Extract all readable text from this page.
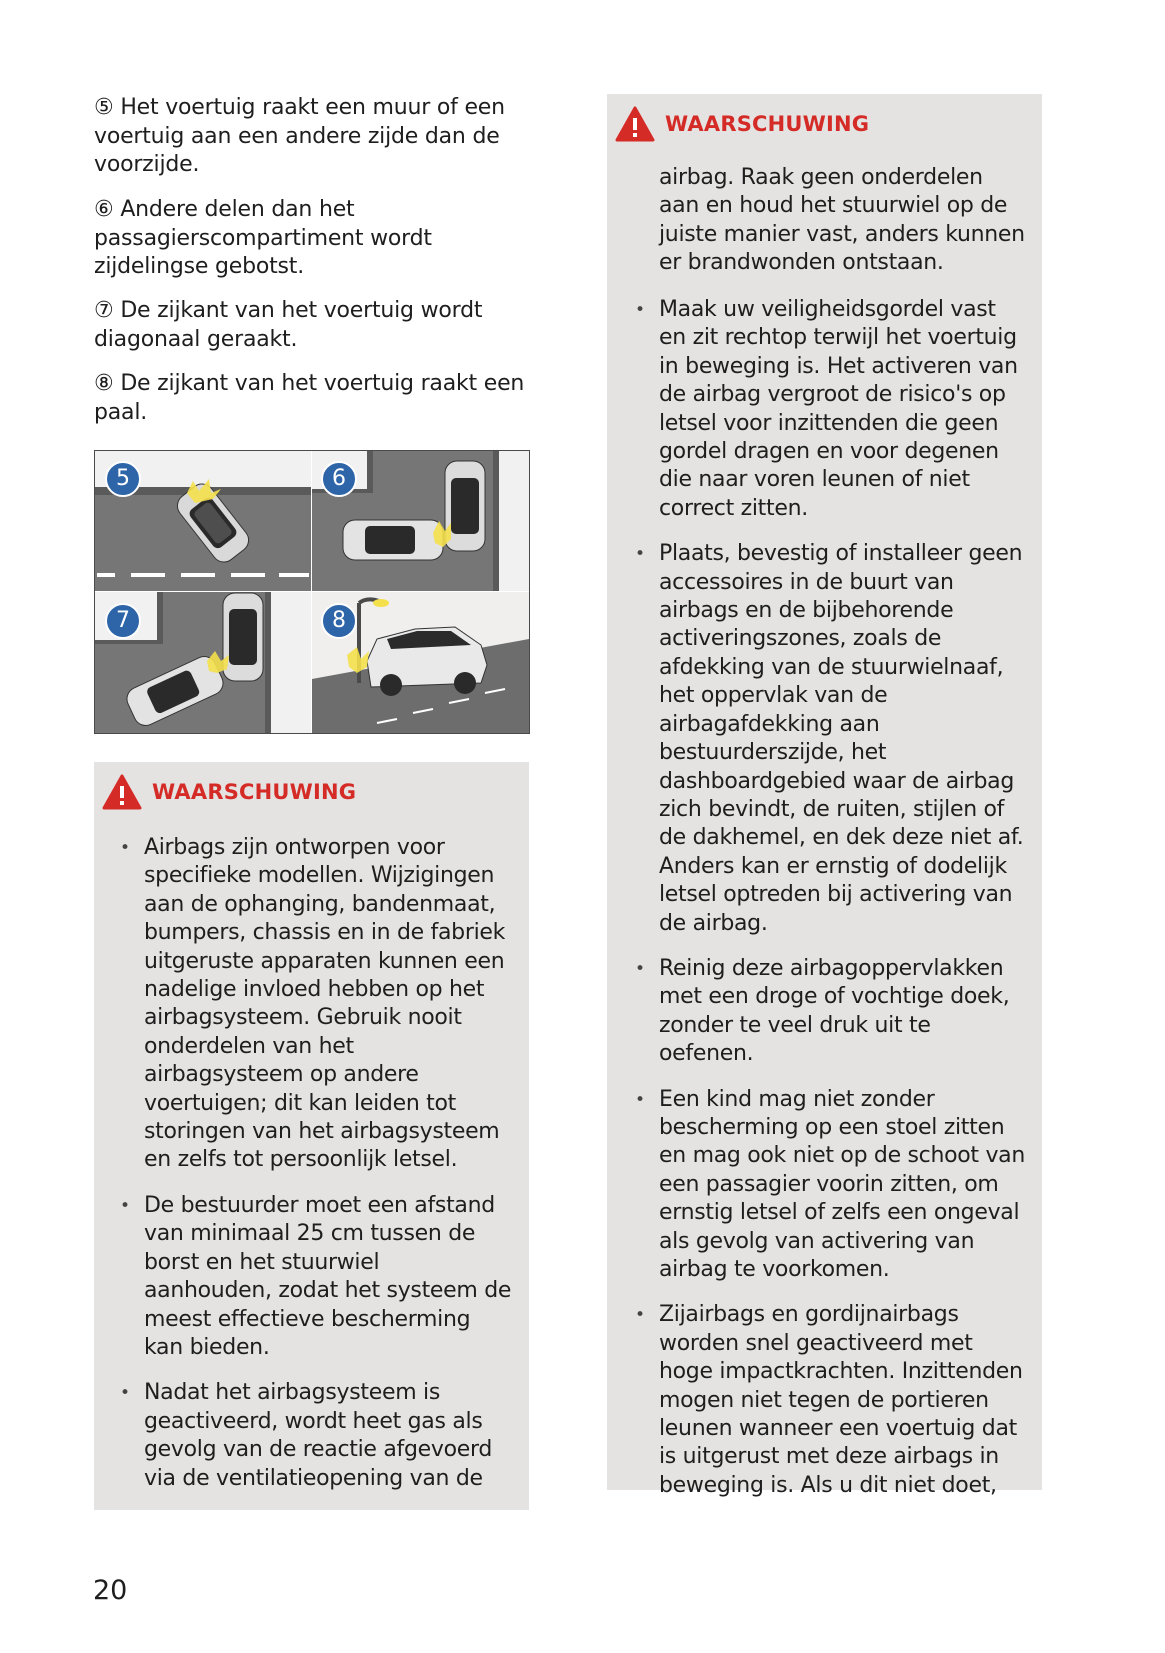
⑤ Het voertuig raakt een muur of een voertuig aan een andere zijde dan de voorzijde.

⑥ Andere delen dan het passagierscompartiment wordt zijdelingse gebotst.

⑦ De zijkant van het voertuig wordt diagonaal geraakt.

⑧ De zijkant van het voertuig raakt een paal.

5	6
7	8
WAARSCHUWING
• Airbags zijn ontworpen voor specifieke modellen. Wijzigingen aan de ophanging, bandenmaat, bumpers, chassis en in de fabriek uitgeruste apparaten kunnen een nadelige invloed hebben op het airbagsysteem. Gebruik nooit onderdelen van het airbagsysteem op andere voertuigen; dit kan leiden tot storingen van het airbagsysteem en zelfs tot persoonlijk letsel.
• De bestuurder moet een afstand van minimaal 25 cm tussen de borst en het stuurwiel aanhouden, zodat het systeem de meest effectieve bescherming kan bieden.
• Nadat het airbagsysteem is geactiveerd, wordt heet gas als gevolg van de reactie afgevoerd via de ventilatieopening van de
WAARSCHUWING

airbag. Raak geen onderdelen aan en houd het stuurwiel op de juiste manier vast, anders kunnen er brandwonden ontstaan.

• Maak uw veiligheidsgordel vast en zit rechtop terwijl het voertuig in beweging is. Het activeren van de airbag vergroot de risico's op letsel voor inzittenden die geen gordel dragen en voor degenen die naar voren leunen of niet correct zitten.
• Plaats, bevestig of installeer geen accessoires in de buurt van airbags en de bijbehorende activeringszones, zoals de afdekking van de stuurwielnaaf, het oppervlak van de airbagafdekking aan bestuurderszijde, het dashboardgebied waar de airbag zich bevindt, de ruiten, stijlen of de dakhemel, en dek deze niet af. Anders kan er ernstig of dodelijk letsel optreden bij activering van de airbag.
• Reinig deze airbagoppervlakken met een droge of vochtige doek, zonder te veel druk uit te oefenen.
• Een kind mag niet zonder bescherming op een stoel zitten en mag ook niet op de schoot van een passagier voorin zitten, om ernstig letsel of zelfs een ongeval als gevolg van activering van airbag te voorkomen.
• Zijairbags en gordijnairbags worden snel geactiveerd met hoge impactkrachten. Inzittenden mogen niet tegen de portieren leunen wanneer een voertuig dat is uitgerust met deze airbags in beweging is. Als u dit niet doet,
20
